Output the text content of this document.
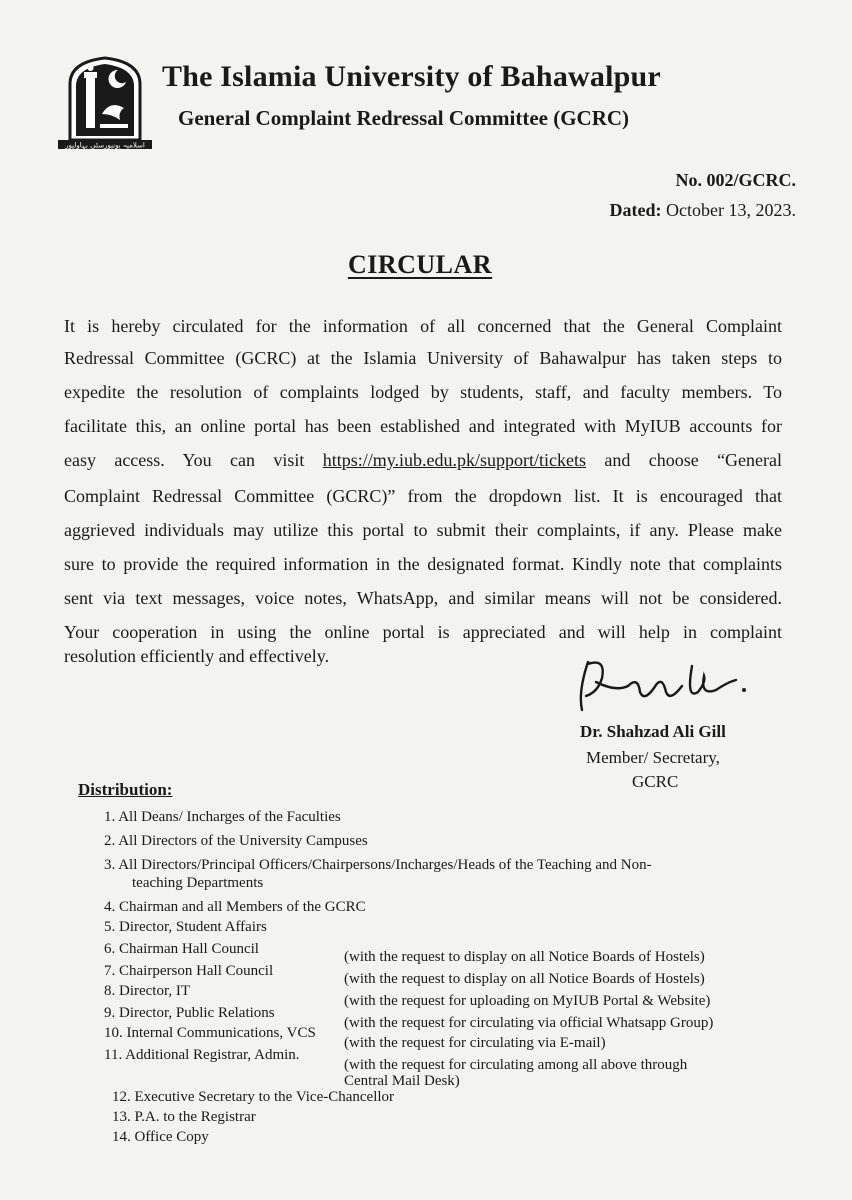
اسلامیہ یونیورسٹی بہاولپور
The Islamia University of Bahawalpur
General Complaint Redressal Committee (GCRC)
No. 002/GCRC.
Dated: October 13, 2023.
CIRCULAR
It is hereby circulated for the information of all concerned that the General Complaint
Redressal Committee (GCRC) at the Islamia University of Bahawalpur has taken steps to
expedite the resolution of complaints lodged by students, staff, and faculty members. To
facilitate this, an online portal has been established and integrated with MyIUB accounts for
easy access. You can visit https://my.iub.edu.pk/support/tickets and choose “General
Complaint Redressal Committee (GCRC)” from the dropdown list. It is encouraged that
aggrieved individuals may utilize this portal to submit their complaints, if any. Please make
sure to provide the required information in the designated format. Kindly note that complaints
sent via text messages, voice notes, WhatsApp, and similar means will not be considered.
Your cooperation in using the online portal is appreciated and will help in complaint
resolution efficiently and effectively.
Dr. Shahzad Ali Gill
Member/ Secretary,
GCRC
Distribution:
1. All Deans/ Incharges of the Faculties
2. All Directors of the University Campuses
3. All Directors/Principal Officers/Chairpersons/Incharges/Heads of the Teaching and Non-
teaching Departments
4. Chairman and all Members of the GCRC
5. Director, Student Affairs
6. Chairman Hall Council
7. Chairperson Hall Council
8. Director, IT
9. Director, Public Relations
10. Internal Communications, VCS
11. Additional Registrar, Admin.
12. Executive Secretary to the Vice-Chancellor
13. P.A. to the Registrar
14. Office Copy
(with the request to display on all Notice Boards of Hostels)
(with the request to display on all Notice Boards of Hostels)
(with the request for uploading on MyIUB Portal & Website)
(with the request for circulating via official Whatsapp Group)
(with the request for circulating via E-mail)
(with the request for circulating among all above through
Central Mail Desk)
